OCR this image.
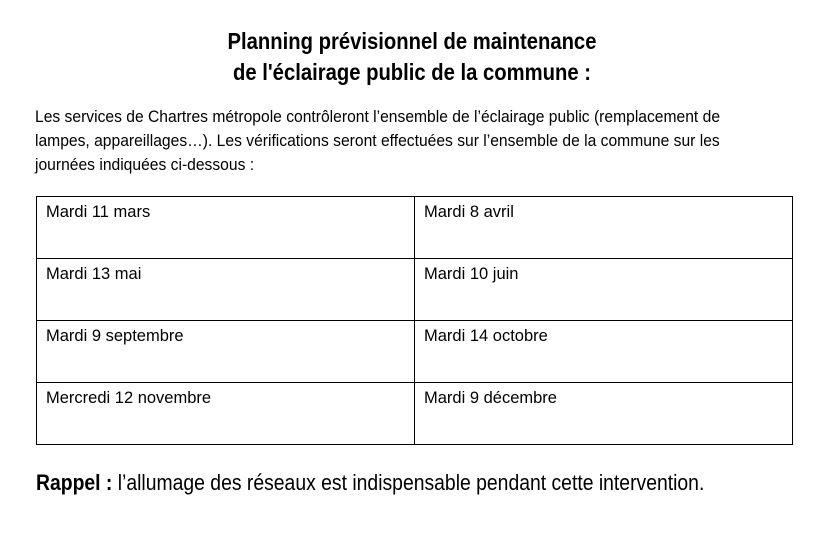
Planning prévisionnel de maintenance
de l'éclairage public de la commune :
Les services de Chartres métropole contrôleront l’ensemble de l’éclairage public (remplacement de
lampes, appareillages…). Les vérifications seront effectuées sur l’ensemble de la commune sur les
journées indiquées ci-dessous :
Mardi 11 mars	Mardi 8 avril
Mardi 13 mai	Mardi 10 juin
Mardi 9 septembre	Mardi 14 octobre
Mercredi 12 novembre	Mardi 9 décembre
Rappel : l’allumage des réseaux est indispensable pendant cette intervention.
